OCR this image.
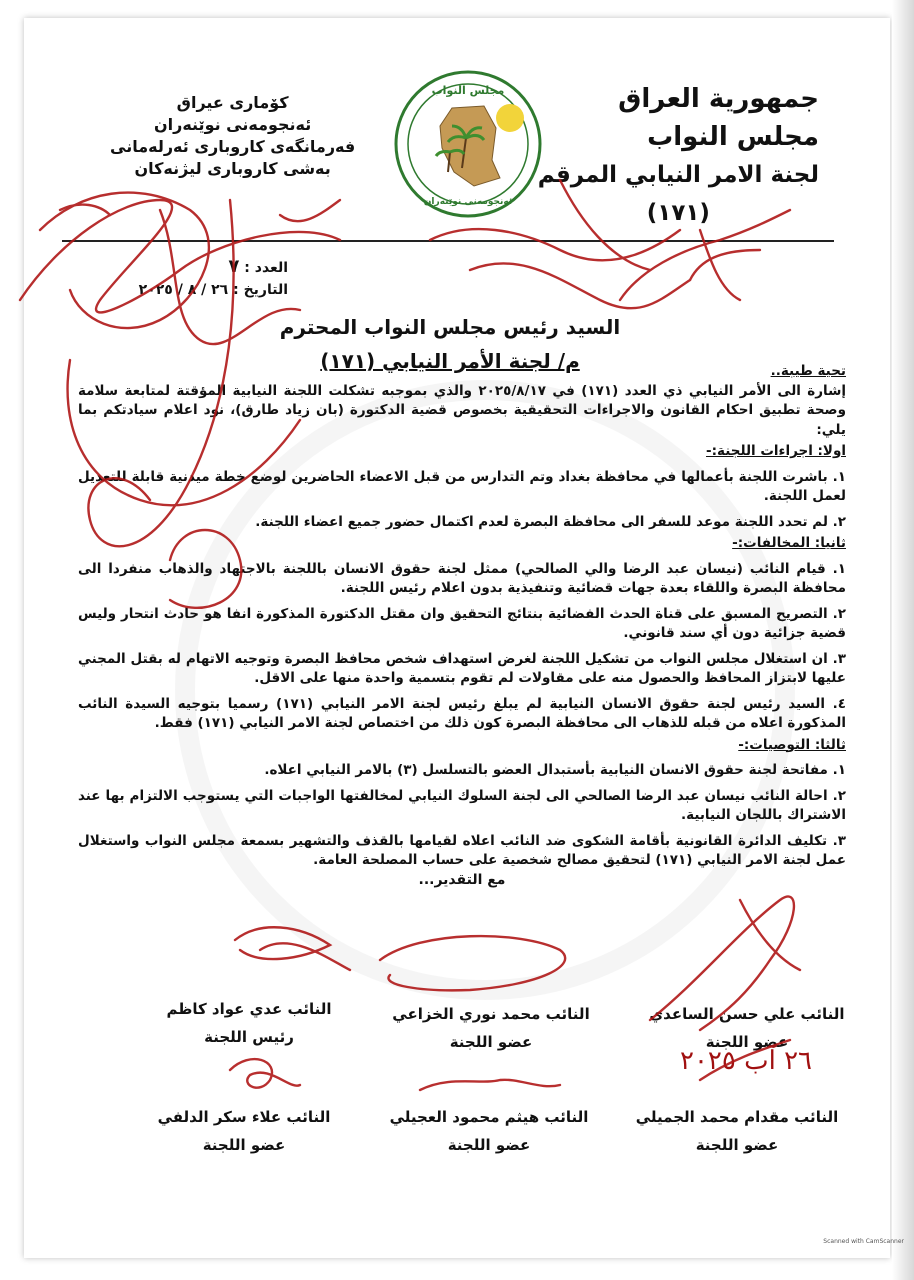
جمهورية العراق
مجلس النواب
لجنة الامر النيابي المرقم
(١٧١)
كۆمارى عيراق
ئەنجومەنى نوێنەران
فەرمانگەى كاروبارى ئەرلەمانى
بەشى كاروبارى ليژنەكان
مجلس النواب
ئەنجومەنى نوێنەران
العدد : ٧
التاريخ : ٢٦ / ٨ / ٢٠٢٥
السيد رئيس مجلس النواب المحترم
م/ لجنة الأمر النيابي (١٧١)	تحية طيبة..

إشارة الى الأمر النيابي ذي العدد (١٧١) في ٢٠٢٥/٨/١٧ والذي بموجبه تشكلت اللجنة النيابية المؤقتة لمتابعة سلامة وصحة تطبيق احكام القانون والاجراءات التحقيقية بخصوص قضية الدكتورة (بان زياد طارق)، نود اعلام سيادتكم بما يلي:

اولا: اجراءات اللجنة:-

١. باشرت اللجنة بأعمالها في محافظة بغداد وتم التدارس من قبل الاعضاء الحاضرين لوضع خطة ميدنية قابلة للتعديل لعمل اللجنة.

٢. لم تحدد اللجنة موعد للسفر الى محافظة البصرة لعدم اكتمال حضور جميع اعضاء اللجنة.

ثانيا: المخالفات:-

١. قيام النائب (نيسان عبد الرضا والي الصالحي) ممثل لجنة حقوق الانسان باللجنة بالاجتهاد والذهاب منفردا الى محافظة البصرة واللقاء بعدة جهات قضائية وتنفيذية بدون اعلام رئيس اللجنة.

٢. التصريح المسبق على قناة الحدث الفضائية بنتائج التحقيق وان مقتل الدكتورة المذكورة انفا هو حادث انتحار وليس قضية جزائية دون أي سند قانوني.

٣. ان استغلال مجلس النواب من تشكيل اللجنة لغرض استهداف شخص محافظ البصرة وتوجيه الاتهام له بقتل المجني عليها لابتزاز المحافظ والحصول منه على مقاولات لم تقوم بتسمية واحدة منها على الاقل.

٤. السيد رئيس لجنة حقوق الانسان النيابية لم يبلغ رئيس لجنة الامر النيابي (١٧١) رسميا بتوجيه السيدة النائب المذكورة اعلاه من قبله للذهاب الى محافظة البصرة كون ذلك من اختصاص لجنة الامر النيابي (١٧١) فقط.

ثالثا: التوصيات:-

١. مفاتحة لجنة حقوق الانسان النيابية بأستبدال العضو بالتسلسل (٣) بالامر النيابي اعلاه.

٢. احالة النائب نيسان عبد الرضا الصالحي الى لجنة السلوك النيابي لمخالفتها الواجبات التي يستوجب الالتزام بها عند الاشتراك باللجان النيابية.

٣. تكليف الدائرة القانونية بأقامة الشكوى ضد النائب اعلاه لقيامها بالقذف والتشهير بسمعة مجلس النواب واستغلال عمل لجنة الامر النيابي (١٧١) لتحقيق مصالح شخصية على حساب المصلحة العامة.

مع التقدير...

النائب علي حسن الساعدي
عضو اللجنة
النائب محمد نوري الخزاعي
عضو اللجنة
النائب عدي عواد كاظم
رئيس اللجنة
النائب مقدام محمد الجميلي
عضو اللجنة
النائب هيثم محمود العجيلي
عضو اللجنة
النائب علاء سكر الدلفي
عضو اللجنة
٢٦ آب ٢٠٢٥
Scanned with CamScanner
